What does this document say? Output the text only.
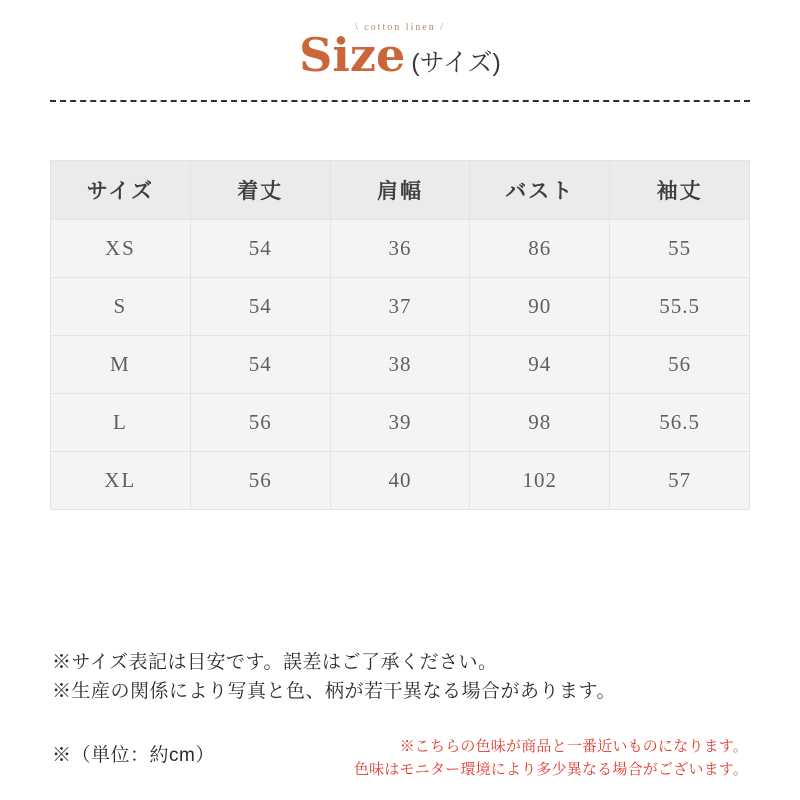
\ cotton linen /
Size (サイズ)
サイズ	着丈	肩幅	バスト	袖丈
XS	54	36	86	55
S	54	37	90	55.5
M	54	38	94	56
L	56	39	98	56.5
XL	56	40	102	57
※サイズ表記は目安です。誤差はご了承ください。
※生産の関係により写真と色、柄が若干異なる場合があります。
※（単位：約cm）	※こちらの色味が商品と一番近いものになります。
色味はモニター環境により多少異なる場合がございます。
